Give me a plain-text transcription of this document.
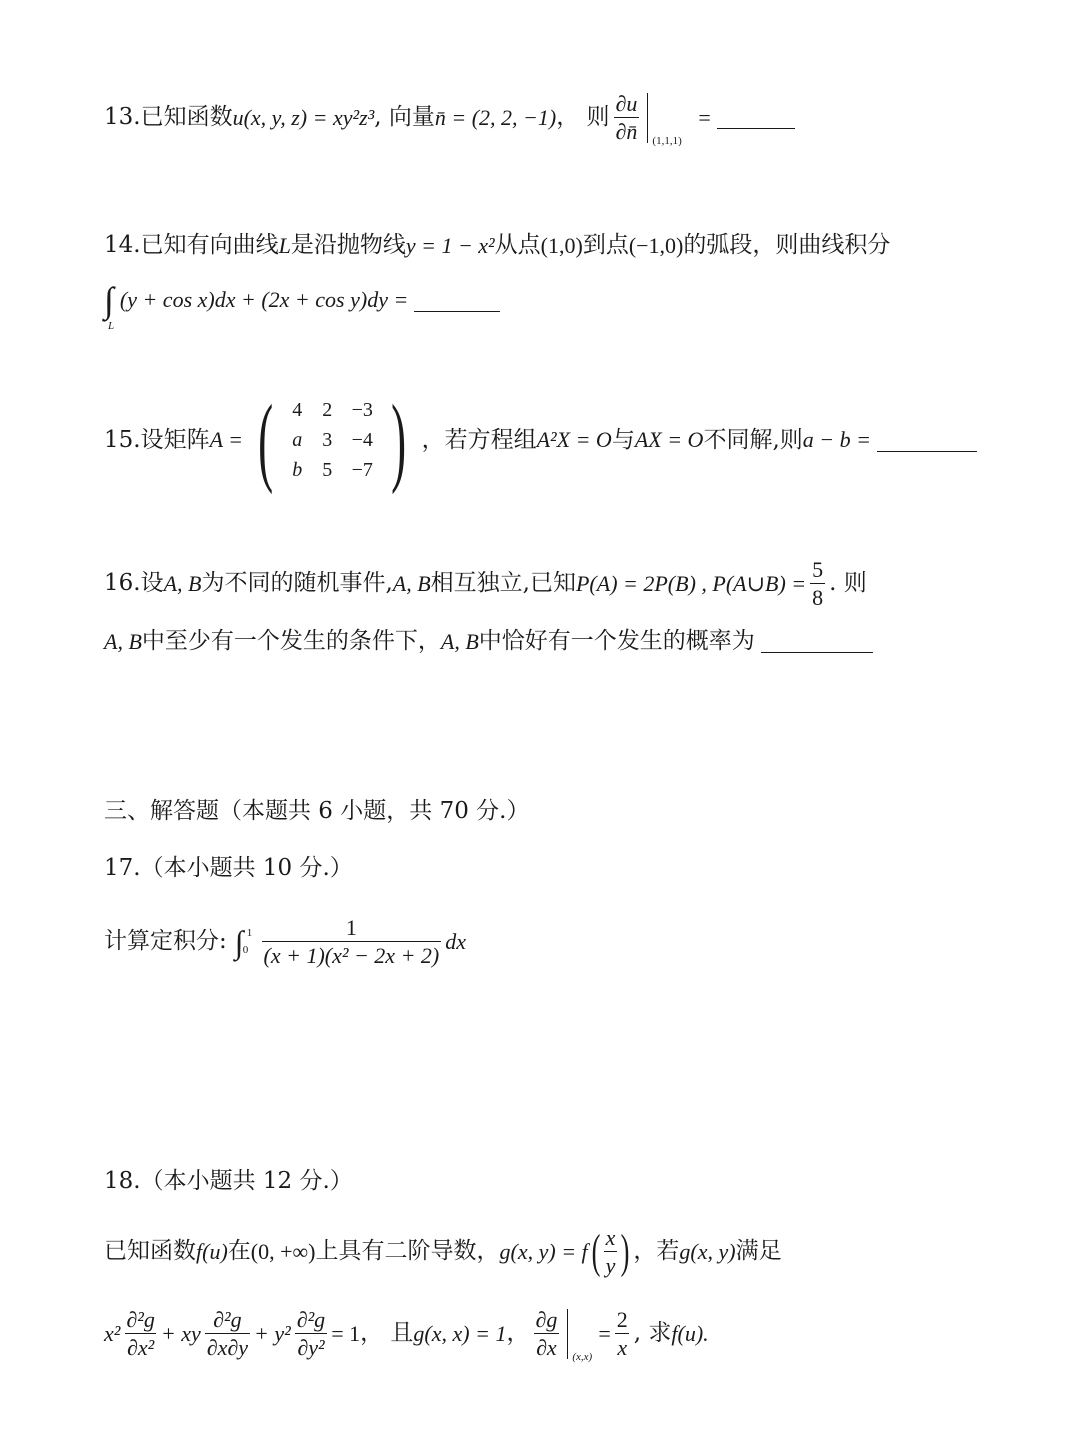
13.已知函数 u(x, y, z) = xy²z³ , 向量 n̄ = (2, 2, −1) ， 则 $\frac{\partial u}{\partial n̄} (1,1,1)$
=
14.已知有向曲线 L 是沿抛物线 y = 1 − x² 从点 (1,0) 到点 (−1,0) 的弧段，则曲线积分
∫
L
(y + cos x)dx + (2x + cos y)dy =
15.设矩阵 A = ( 4	2 −3
a	3 −4
b	5 −7 ) ，若方程组 A²X = O 与 AX = O 不同解,则 a − b =
16.设 A, B 为不同的随机事件, A, B 相互独立,已知 P(A) = 2P(B) , P(A∪B) = $\frac{5}{8}$ . 则
A, B 中至少有一个发生的条件下， A, B 中恰好有一个发生的概率为
三、解答题（本题共 6 小题，共 70 分.）
17.（本小题共 10 分.）
计算定积分: ∫ 1
$0 \frac{1}{\text{(x + 1)(x² − 2x + 2)}}$ dx
18.（本小题共 12 分.）
已知函数 f(u) 在 (0, +∞) 上具有二阶导数， g(x, y) = f ( $\frac{x}{y}$ ) ，若 g(x, y) 满足
$x^2 \frac{\text{∂²g}}{\text{∂x²}}$ + xy $\frac{\text{∂²g}}{\partial x\partial y} + y^2 \frac{\text{∂²g}}{\text{∂y²}} = 1$ ， 且 g(x, x) = 1 ， $\frac{\partial g}{\partial x} (x,x)$
= $\frac{2}{x}$ , 求 f(u).
